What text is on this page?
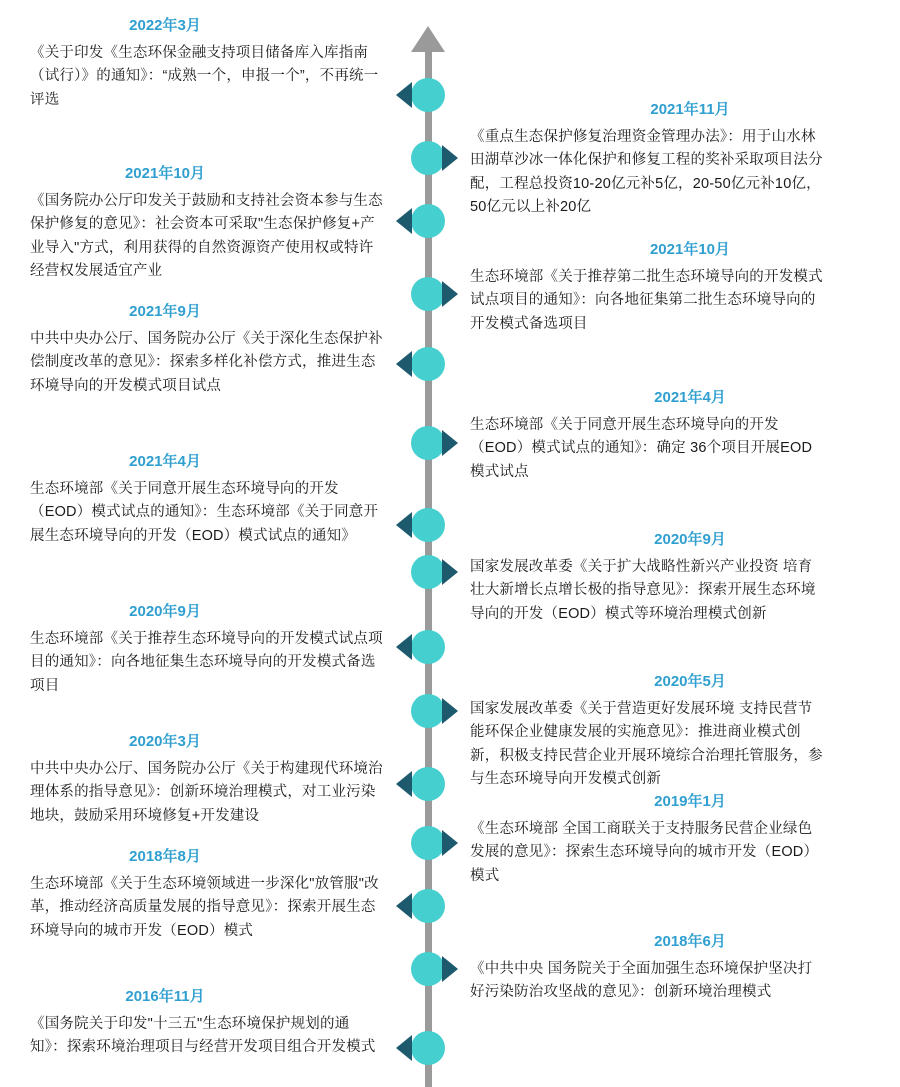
2022年3月
《关于印发《生态环保金融支持项目储备库入库指南（试行）》的通知》：“成熟一个，申报一个”，不再统一评选
2021年10月
《国务院办公厅印发关于鼓励和支持社会资本参与生态保护修复的意见》：社会资本可采取"生态保护修复+产业导入"方式，利用获得的自然资源资产使用权或特许经营权发展适宜产业
2021年9月
中共中央办公厅、国务院办公厅《关于深化生态保护补偿制度改革的意见》：探索多样化补偿方式，推进生态环境导向的开发模式项目试点
2021年4月
生态环境部《关于同意开展生态环境导向的开发（EOD）模式试点的通知》：生态环境部《关于同意开展生态环境导向的开发（EOD）模式试点的通知》
2020年9月
生态环境部《关于推荐生态环境导向的开发模式试点项目的通知》：向各地征集生态环境导向的开发模式备选项目
2020年3月
中共中央办公厅、国务院办公厅《关于构建现代环境治理体系的指导意见》：创新环境治理模式，对工业污染地块，鼓励采用环境修复+开发建设
2018年8月
生态环境部《关于生态环境领域进一步深化"放管服"改革，推动经济高质量发展的指导意见》：探索开展生态环境导向的城市开发（EOD）模式
2016年11月
《国务院关于印发"十三五"生态环境保护规划的通知》：探索环境治理项目与经营开发项目组合开发模式
2021年11月
《重点生态保护修复治理资金管理办法》：用于山水林田湖草沙冰一体化保护和修复工程的奖补采取项目法分配，工程总投资10-20亿元补5亿，20-50亿元补10亿，50亿元以上补20亿
2021年10月
生态环境部《关于推荐第二批生态环境导向的开发模式试点项目的通知》：向各地征集第二批生态环境导向的开发模式备选项目
2021年4月
生态环境部《关于同意开展生态环境导向的开发（EOD）模式试点的通知》：确定 36个项目开展EOD模式试点
2020年9月
国家发展改革委《关于扩大战略性新兴产业投资 培育壮大新增长点增长极的指导意见》：探索开展生态环境导向的开发（EOD）模式等环境治理模式创新
2020年5月
国家发展改革委《关于营造更好发展环境 支持民营节能环保企业健康发展的实施意见》：推进商业模式创新，积极支持民营企业开展环境综合治理托管服务，参与生态环境导向开发模式创新
2019年1月
《生态环境部 全国工商联关于支持服务民营企业绿色发展的意见》：探索生态环境导向的城市开发（EOD）模式
2018年6月
《中共中央 国务院关于全面加强生态环境保护坚决打好污染防治攻坚战的意见》：创新环境治理模式
